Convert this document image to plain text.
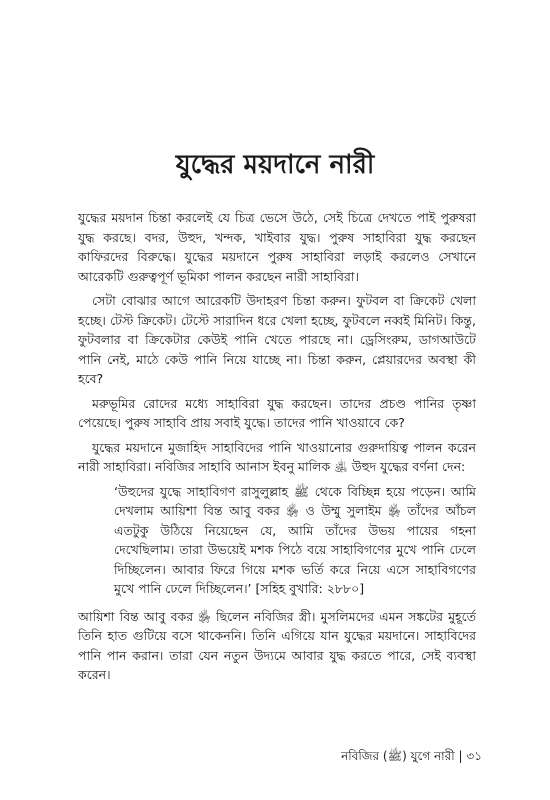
যুদ্ধের ময়দানে নারী

যুদ্ধের ময়দান চিন্তা করলেই যে চিত্র ভেসে উঠে, সেই চিত্রে দেখতে পাই পুরুষরা যুদ্ধ করছে। বদর, উহুদ, খন্দক, খাইবার যুদ্ধ। পুরুষ সাহাবিরা যুদ্ধ করছেন কাফিরদের বিরুদ্ধে। যুদ্ধের ময়দানে পুরুষ সাহাবিরা লড়াই করলেও সেখানে আরেকটি গুরুত্বপূর্ণ ভূমিকা পালন করছেন নারী সাহাবিরা।

সেটা বোঝার আগে আরেকটি উদাহরণ চিন্তা করুন। ফুটবল বা ক্রিকেট খেলা হচ্ছে। টেস্ট ক্রিকেট। টেস্টে সারাদিন ধরে খেলা হচ্ছে, ফুটবলে নব্বই মিনিট। কিন্তু, ফুটবলার বা ক্রিকেটার কেউই পানি খেতে পারছে না। ড্রেসিংরুম, ডাগআউটে পানি নেই, মাঠে কেউ পানি নিয়ে যাচ্ছে না। চিন্তা করুন, প্লেয়ারদের অবস্থা কী হবে?

মরুভূমির রোদের মধ্যে সাহাবিরা যুদ্ধ করছেন। তাদের প্রচণ্ড পানির তৃষ্ণা পেয়েছে। পুরুষ সাহাবি প্রায় সবাই যুদ্ধে। তাদের পানি খাওয়াবে কে?

যুদ্ধের ময়দানে মুজাহিদ সাহাবিদের পানি খাওয়ানোর গুরুদায়িত্ব পালন করেন নারী সাহাবিরা। নবিজির সাহাবি আনাস ইবনু মালিক ﵁ উহুদ যুদ্ধের বর্ণনা দেন:

‘উহুদের যুদ্ধে সাহাবিগণ রাসুলুল্লাহ ﷺ থেকে বিচ্ছিন্ন হয়ে পড়েন। আমি দেখলাম আয়িশা বিন্ত আবু বকর ﵂ ও উম্মু সুলাইম ﵂ তাঁদের আঁচল এতটুকু উঠিয়ে নিয়েছেন যে, আমি তাঁদের উভয় পায়ের গহনা দেখেছিলাম। তারা উভয়েই মশক পিঠে বয়ে সাহাবিগণের মুখে পানি ঢেলে দিচ্ছিলেন। আবার ফিরে গিয়ে মশক ভর্তি করে নিয়ে এসে সাহাবিগণের মুখে পানি ঢেলে দিচ্ছিলেন।’ [সহিহ বুখারি: ২৮৮০]

আয়িশা বিন্ত আবু বকর ﵂ ছিলেন নবিজির স্ত্রী। মুসলিমদের এমন সঙ্কটের মুহূর্তে তিনি হাত গুটিয়ে বসে থাকেননি। তিনি এগিয়ে যান যুদ্ধের ময়দানে। সাহাবিদের পানি পান করান। তারা যেন নতুন উদ্যমে আবার যুদ্ধ করতে পারে, সেই ব্যবস্থা করেন।

নবিজির (ﷺ) যুগে নারী | ৩১
